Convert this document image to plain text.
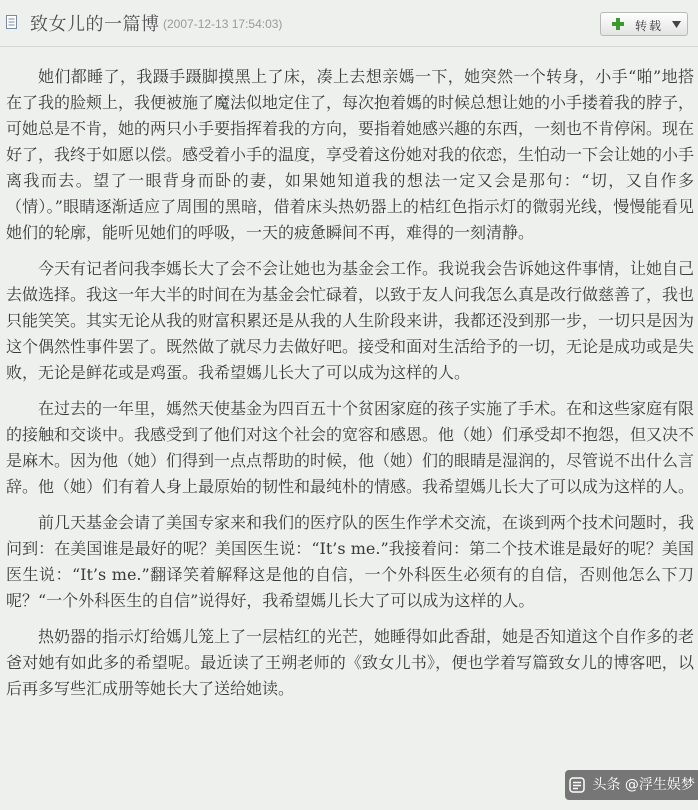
致女儿的一篇博 (2007-12-13 17:54:03)	转载

她们都睡了，我蹑手蹑脚摸黑上了床，凑上去想亲媽一下，她突然一个转身，小手“啪”地搭在了我的脸颊上，我便被施了魔法似地定住了，每次抱着媽的时候总想让她的小手搂着我的脖子，可她总是不肯，她的两只小手要指挥着我的方向，要指着她感兴趣的东西，一刻也不肯停闲。现在好了，我终于如愿以偿。感受着小手的温度，享受着这份她对我的依恋，生怕动一下会让她的小手离我而去。望了一眼背身而卧的妻，如果她知道我的想法一定又会是那句：“切，又自作多（情）。”眼睛逐渐适应了周围的黑暗，借着床头热奶器上的桔红色指示灯的微弱光线，慢慢能看见她们的轮廓，能听见她们的呼吸，一天的疲惫瞬间不再，难得的一刻清静。

今天有记者问我李媽长大了会不会让她也为基金会工作。我说我会告诉她这件事情，让她自己去做选择。我这一年大半的时间在为基金会忙碌着，以致于友人问我怎么真是改行做慈善了，我也只能笑笑。其实无论从我的财富积累还是从我的人生阶段来讲，我都还没到那一步，一切只是因为这个偶然性事件罢了。既然做了就尽力去做好吧。接受和面对生活给予的一切，无论是成功或是失败，无论是鲜花或是鸡蛋。我希望媽儿长大了可以成为这样的人。

在过去的一年里，媽然天使基金为四百五十个贫困家庭的孩子实施了手术。在和这些家庭有限的接触和交谈中。我感受到了他们对这个社会的宽容和感恩。他（她）们承受却不抱怨，但又决不是麻木。因为他（她）们得到一点点帮助的时候，他（她）们的眼睛是湿润的，尽管说不出什么言辞。他（她）们有着人身上最原始的韧性和最纯朴的情感。我希望媽儿长大了可以成为这样的人。

前几天基金会请了美国专家来和我们的医疗队的医生作学术交流，在谈到两个技术问题时，我问到：在美国谁是最好的呢？美国医生说：“It’s me.”我接着问：第二个技术谁是最好的呢？美国医生说：“It’s me.”翻译笑着解释这是他的自信，一个外科医生必须有的自信，否则他怎么下刀呢？“一个外科医生的自信”说得好，我希望媽儿长大了可以成为这样的人。

热奶器的指示灯给媽儿笼上了一层桔红的光芒，她睡得如此香甜，她是否知道这个自作多的老爸对她有如此多的希望呢。最近读了王朔老师的《致女儿书》，便也学着写篇致女儿的博客吧，以后再多写些汇成册等她长大了送给她读。

头条 @浮生娱梦
